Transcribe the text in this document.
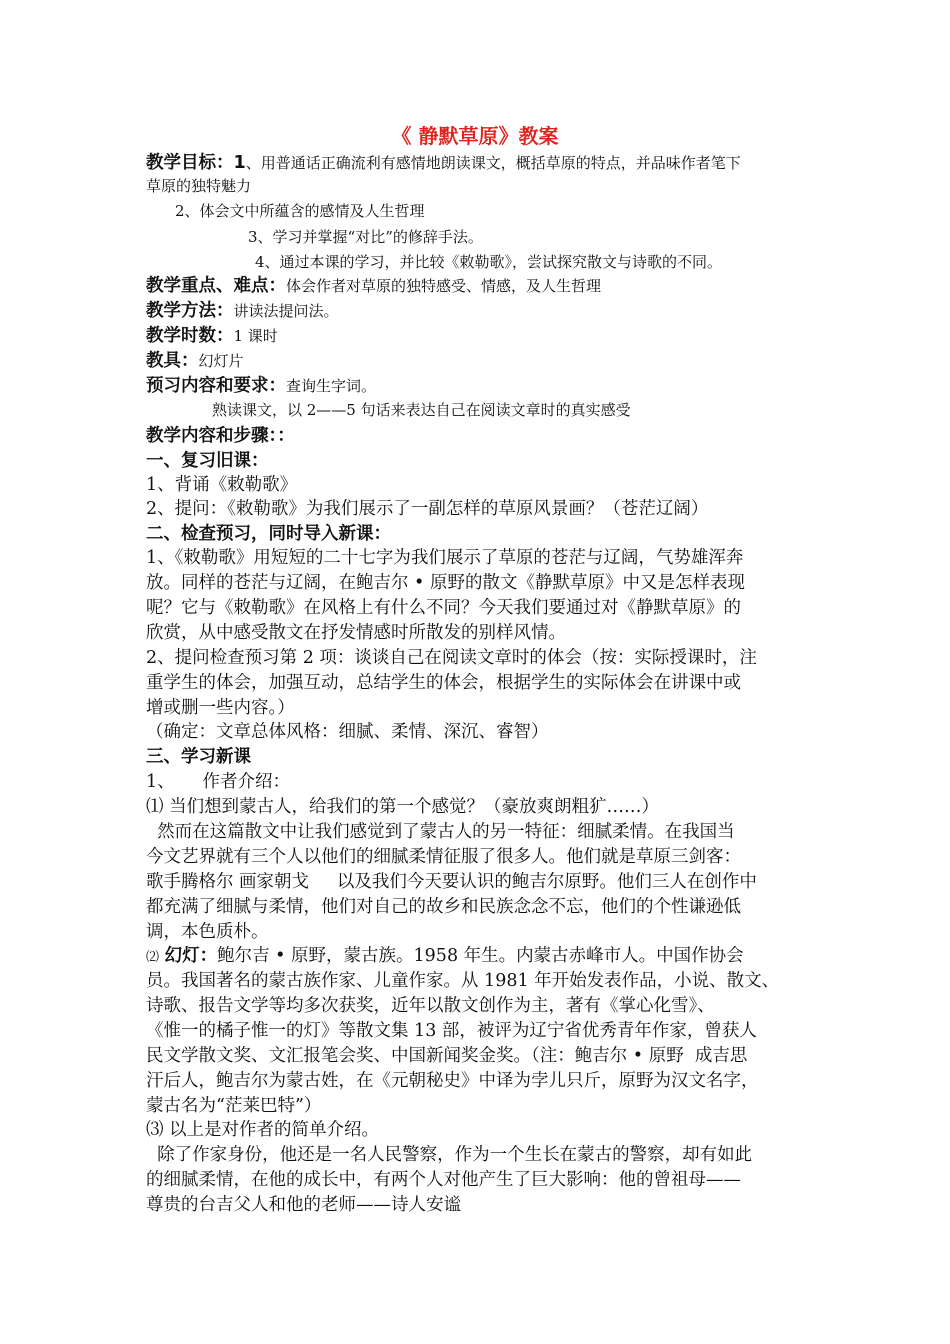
《 静默草原》教案
教学目标：1、用普通话正确流利有感情地朗读课文，概括草原的特点，并品味作者笔下
草原的独特魅力
2、体会文中所蕴含的感情及人生哲理
3、学习并掌握“对比”的修辞手法。
4、通过本课的学习，并比较《敕勒歌》，尝试探究散文与诗歌的不同。
教学重点、难点：体会作者对草原的独特感受、情感，及人生哲理
教学方法：讲读法提问法。
教学时数：1 课时
教具：幻灯片
预习内容和要求：查询生字词。
熟读课文，以 2——5 句话来表达自己在阅读文章时的真实感受
教学内容和步骤：：
一、复习旧课：
1、背诵《敕勒歌》
2、提问：《敕勒歌》为我们展示了一副怎样的草原风景画？（苍茫辽阔）
二、检查预习，同时导入新课：
1、《敕勒歌》用短短的二十七字为我们展示了草原的苍茫与辽阔，气势雄浑奔
放。同样的苍茫与辽阔，在鲍吉尔 • 原野的散文《静默草原》中又是怎样表现
呢？它与《敕勒歌》在风格上有什么不同？今天我们要通过对《静默草原》的
欣赏，从中感受散文在抒发情感时所散发的别样风情。
2、提问检查预习第 2 项：谈谈自己在阅读文章时的体会（按：实际授课时，注
重学生的体会，加强互动，总结学生的体会，根据学生的实际体会在讲课中或
增或删一些内容。）
（确定：文章总体风格：细腻、柔情、深沉、睿智）
三、学习新课
1、     作者介绍：
⑴ 当们想到蒙古人，给我们的第一个感觉？（豪放爽朗粗犷……）
然而在这篇散文中让我们感觉到了蒙古人的另一特征：细腻柔情。在我国当
今文艺界就有三个人以他们的细腻柔情征服了很多人。他们就是草原三剑客：
歌手腾格尔 画家朝戈     以及我们今天要认识的鲍吉尔原野。他们三人在创作中
都充满了细腻与柔情，他们对自己的故乡和民族念念不忘，他们的个性谦逊低
调，本色质朴。
⑵ 幻灯：鲍尔吉 • 原野，蒙古族。1958 年生。内蒙古赤峰市人。中国作协会
员。我国著名的蒙古族作家、儿童作家。从 1981 年开始发表作品，小说、散文、
诗歌、报告文学等均多次获奖，近年以散文创作为主，著有《掌心化雪》、
《惟一的橘子惟一的灯》等散文集 13 部，被评为辽宁省优秀青年作家，曾获人
民文学散文奖、文汇报笔会奖、中国新闻奖金奖。（注：鲍吉尔 • 原野  成吉思
汗后人，鲍吉尔为蒙古姓，在《元朝秘史》中译为孛儿只斤，原野为汉文名字，
蒙古名为“茫莱巴特”）
⑶ 以上是对作者的简单介绍。
除了作家身份，他还是一名人民警察，作为一个生长在蒙古的警察，却有如此
的细腻柔情，在他的成长中，有两个人对他产生了巨大影响：他的曾祖母——
尊贵的台吉父人和他的老师——诗人安谧
